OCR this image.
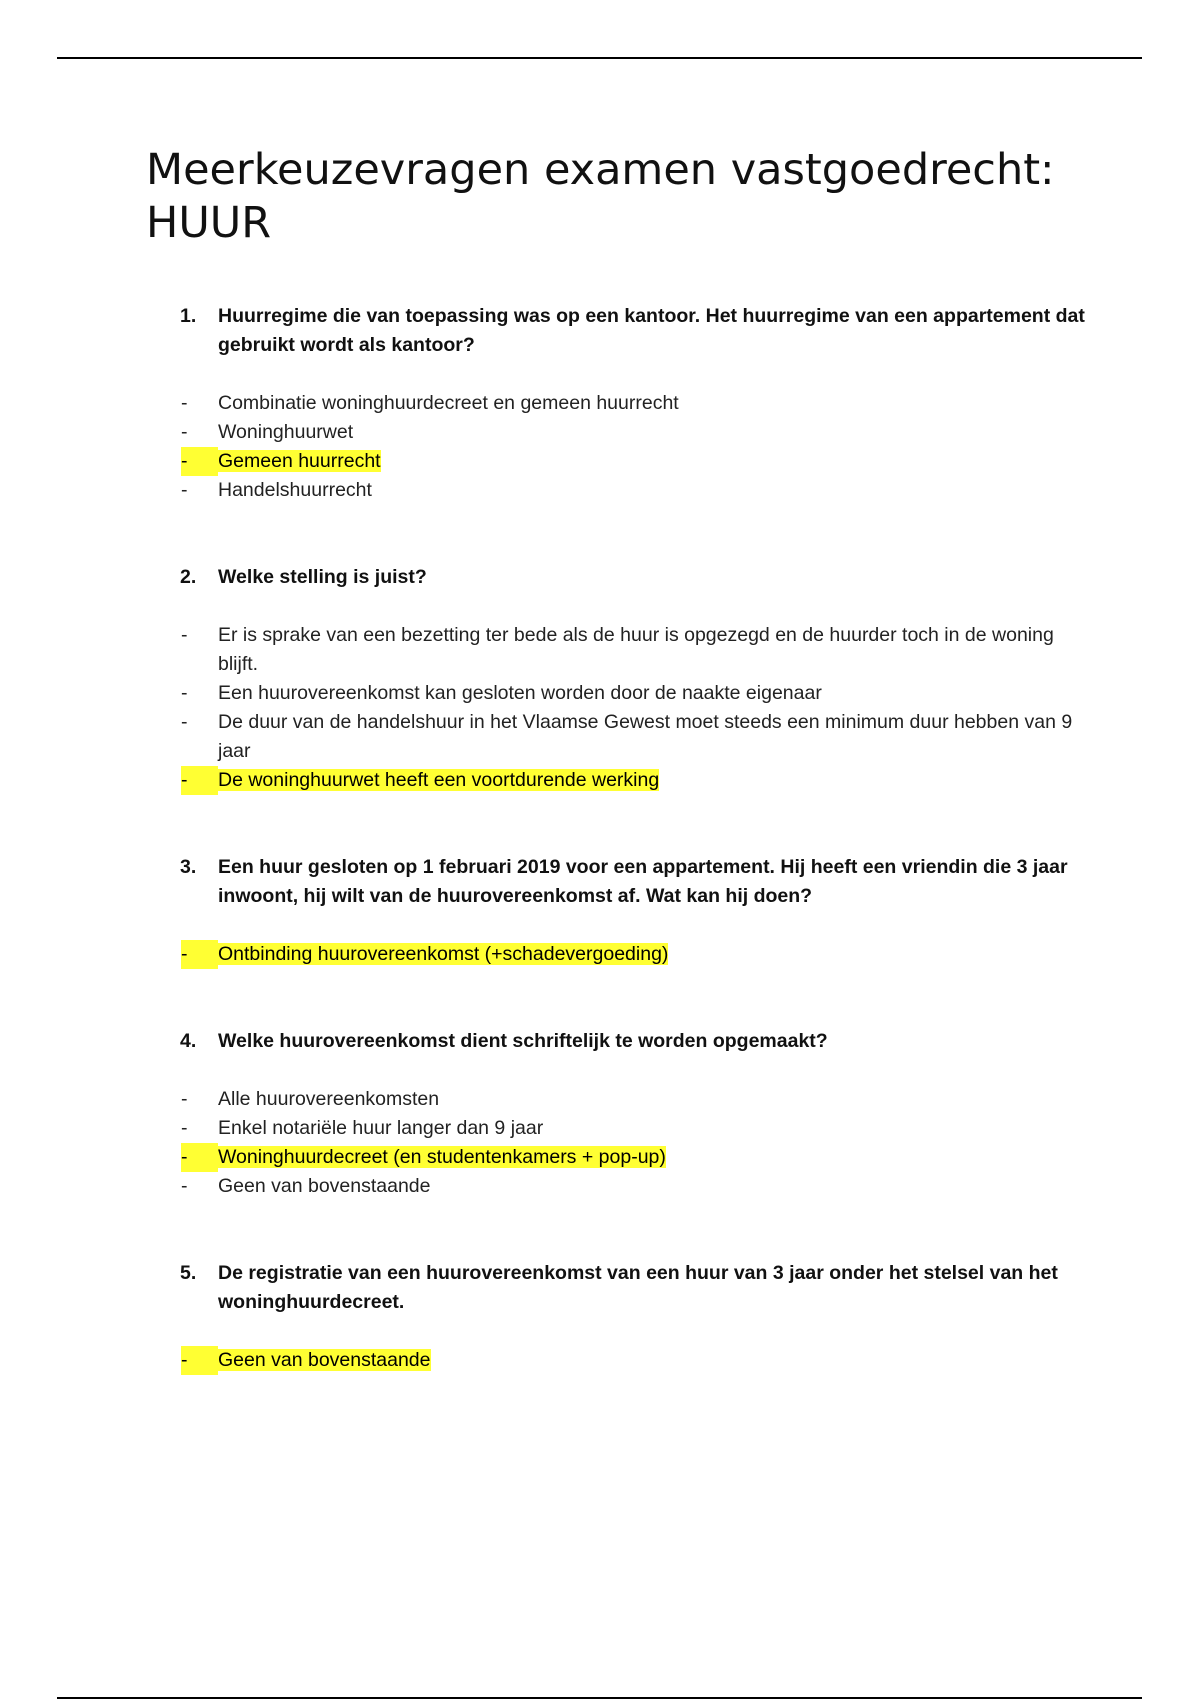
Meerkeuzevragen examen vastgoedrecht: HUUR
1. Huurregime die van toepassing was op een kantoor. Het huurregime van een appartement dat gebruikt wordt als kantoor?
- Combinatie woninghuurdecreet en gemeen huurrecht
- Woninghuurwet
-	Gemeen huurrecht
- Handelshuurrecht
2. Welke stelling is juist?
- Er is sprake van een bezetting ter bede als de huur is opgezegd en de huurder toch in de woning blijft.
- Een huurovereenkomst kan gesloten worden door de naakte eigenaar
- De duur van de handelshuur in het Vlaamse Gewest moet steeds een minimum duur hebben van 9 jaar
-	De woninghuurwet heeft een voortdurende werking
3. Een huur gesloten op 1 februari 2019 voor een appartement. Hij heeft een vriendin die 3 jaar inwoont, hij wilt van de huurovereenkomst af. Wat kan hij doen?
-	Ontbinding huurovereenkomst (+schadevergoeding)
4. Welke huurovereenkomst dient schriftelijk te worden opgemaakt?
- Alle huurovereenkomsten
- Enkel notariële huur langer dan 9 jaar
-	Woninghuurdecreet (en studentenkamers + pop-up)
- Geen van bovenstaande
5. De registratie van een huurovereenkomst van een huur van 3 jaar onder het stelsel van het woninghuurdecreet.
-	Geen van bovenstaande
